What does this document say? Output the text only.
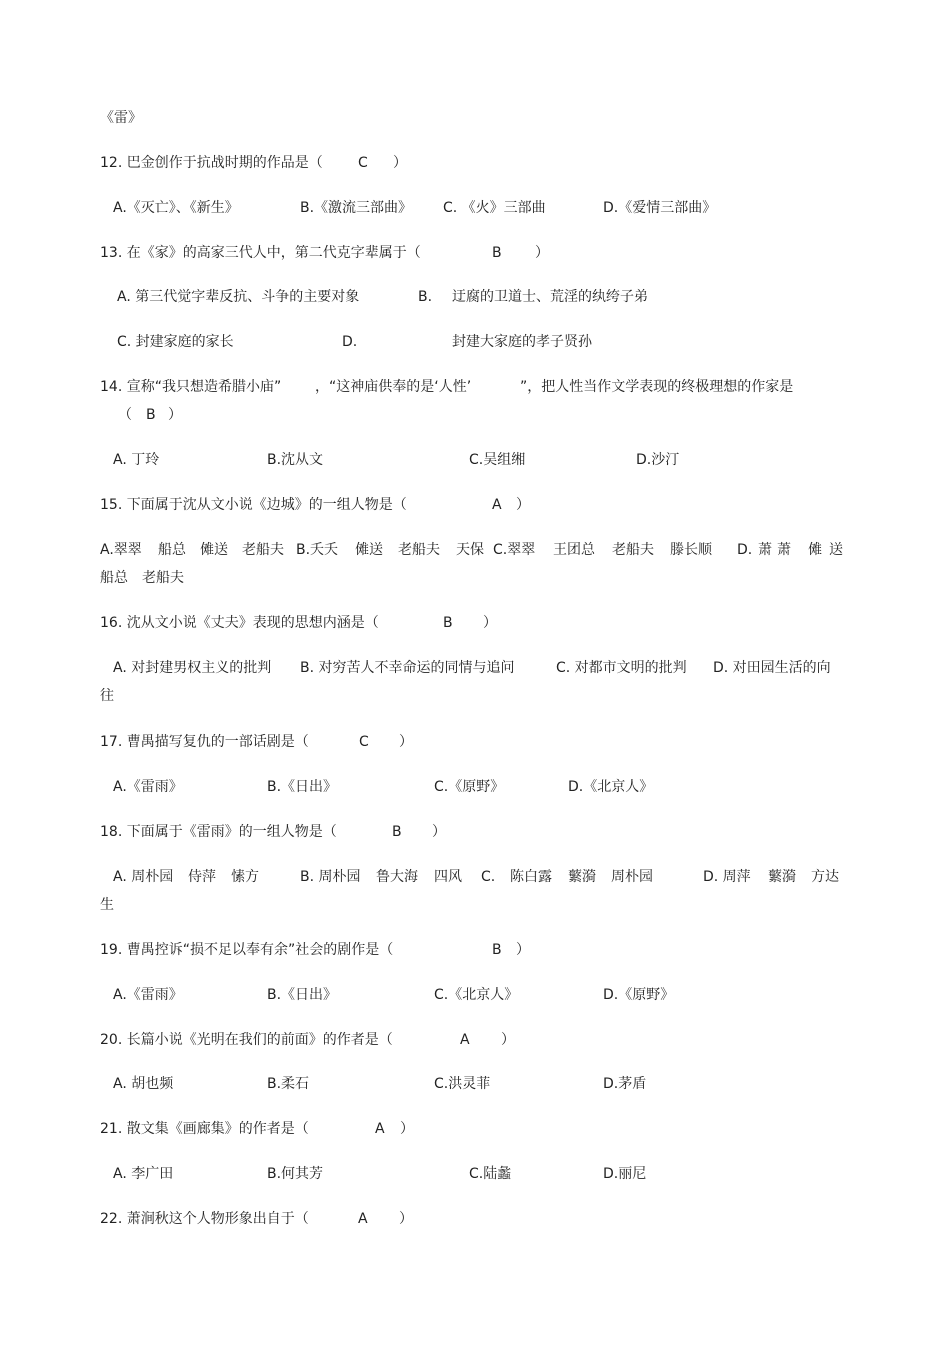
《雷》
12. 巴金创作于抗战时期的作品是（	C ）
A.《灭亡》、《新生》	B.《激流三部曲》 C. 《火》三部曲	D.《爱情三部曲》
13. 在《家》的高家三代人中，第二代克字辈属于（	B ）
A. 第三代觉字辈反抗、斗争的主要对象	B. 迂腐的卫道士、荒淫的纨绔子弟
C. 封建家庭的家长	D.	封建大家庭的孝子贤孙
14. 宣称“我只想造希腊小庙” ，“这神庙供奉的是‘人性’	”，把人性当作文学表现的终极理想的作家是
（ B ）
A. 丁玲	B.沈从文	C.吴组缃	D.沙汀
15. 下面属于沈从文小说《边城》的一组人物是（	A ）
A.翠翠 船总 傩送 老船夫 B.夭夭 傩送 老船夫 天保 C.翠翠 王团总 老船夫 滕长顺 D. 萧 萧 傩 送
船总 老船夫
16. 沈从文小说《丈夫》表现的思想内涵是（	B ）
A. 对封建男权主义的批判 B. 对穷苦人不幸命运的同情与追问	C. 对都市文明的批判 D. 对田园生活的向
往
17. 曹禺描写复仇的一部话剧是（	C ）
A.《雷雨》	B.《日出》	C.《原野》	D.《北京人》
18. 下面属于《雷雨》的一组人物是（	B ）
A. 周朴园 侍萍 愫方	B. 周朴园 鲁大海 四风 C. 陈白露 蘩漪 周朴园	D. 周萍 蘩漪 方达
生
19. 曹禺控诉“损不足以奉有余”社会的剧作是（	B ）
A.《雷雨》	B.《日出》	C.《北京人》	D.《原野》
20. 长篇小说《光明在我们的前面》的作者是（	A ）
A. 胡也频	B.柔石	C.洪灵菲	D.茅盾
21. 散文集《画廊集》的作者是（	A ）
A. 李广田	B.何其芳	C.陆蠡	D.丽尼
22. 萧涧秋这个人物形象出自于（	A ）
